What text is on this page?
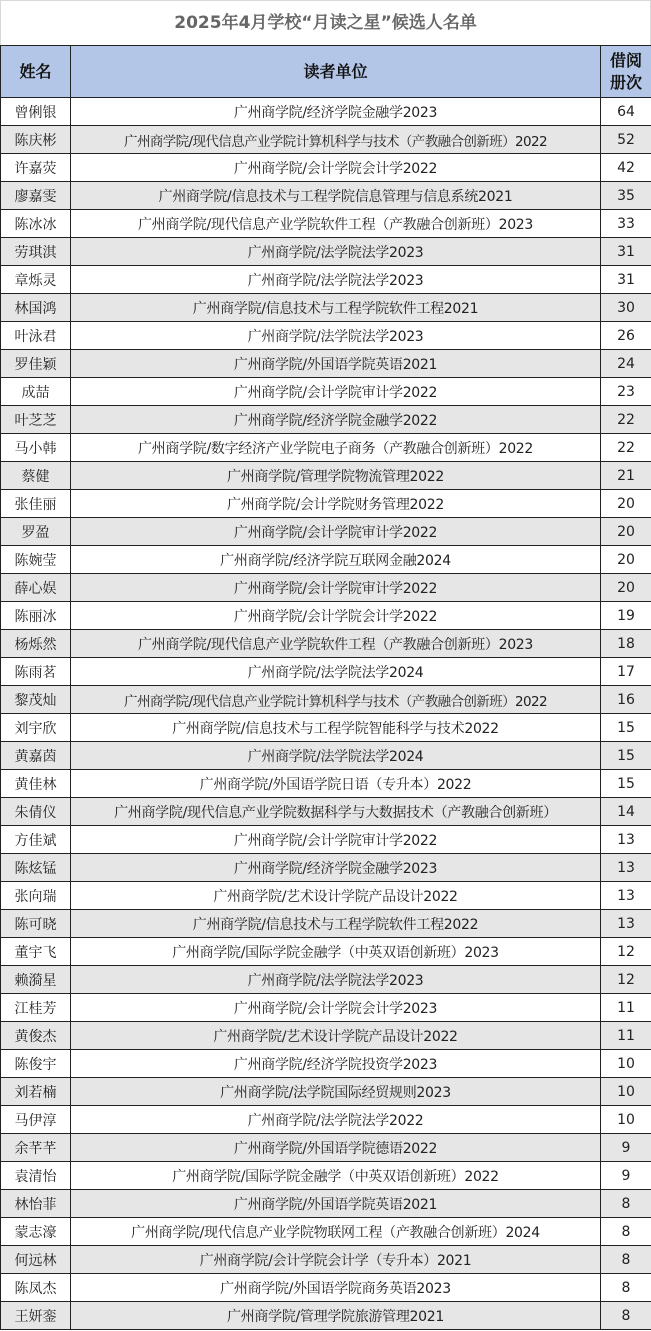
2025年4月学校“月读之星”候选人名单
姓名	读者单位	借阅
册次

曾俐银	广州商学院/经济学院金融学2023	64
陈庆彬	广州商学院/现代信息产业学院计算机科学与技术（产教融合创新班）2022	52
许嘉荧	广州商学院/会计学院会计学2022	42
廖嘉雯	广州商学院/信息技术与工程学院信息管理与信息系统2021	35
陈冰冰	广州商学院/现代信息产业学院软件工程（产教融合创新班）2023	33
劳琪淇	广州商学院/法学院法学2023	31
章烁灵	广州商学院/法学院法学2023	31
林国鸿	广州商学院/信息技术与工程学院软件工程2021	30
叶泳君	广州商学院/法学院法学2023	26
罗佳颖	广州商学院/外国语学院英语2021	24
成喆	广州商学院/会计学院审计学2022	23
叶芝芝	广州商学院/经济学院金融学2022	22
马小韩	广州商学院/数字经济产业学院电子商务（产教融合创新班）2022	22
蔡健	广州商学院/管理学院物流管理2022	21
张佳丽	广州商学院/会计学院财务管理2022	20
罗盈	广州商学院/会计学院审计学2022	20
陈婉莹	广州商学院/经济学院互联网金融2024	20
薛心娱	广州商学院/会计学院审计学2022	20
陈丽冰	广州商学院/会计学院会计学2022	19
杨烁然	广州商学院/现代信息产业学院软件工程（产教融合创新班）2023	18
陈雨茗	广州商学院/法学院法学2024	17
黎茂灿	广州商学院/现代信息产业学院计算机科学与技术（产教融合创新班）2022	16
刘宇欣	广州商学院/信息技术与工程学院智能科学与技术2022	15
黄嘉茵	广州商学院/法学院法学2024	15
黄佳林	广州商学院/外国语学院日语（专升本）2022	15
朱倩仪	广州商学院/现代信息产业学院数据科学与大数据技术（产教融合创新班）	14
方佳斌	广州商学院/会计学院审计学2022	13
陈炫锰	广州商学院/经济学院金融学2023	13
张向瑞	广州商学院/艺术设计学院产品设计2022	13
陈可晓	广州商学院/信息技术与工程学院软件工程2022	13
董宇飞	广州商学院/国际学院金融学（中英双语创新班）2023	12
赖漪星	广州商学院/法学院法学2023	12
江桂芳	广州商学院/会计学院会计学2023	11
黄俊杰	广州商学院/艺术设计学院产品设计2022	11
陈俊宇	广州商学院/经济学院投资学2023	10
刘若楠	广州商学院/法学院国际经贸规则2023	10
马伊淳	广州商学院/法学院法学2022	10
余芊芊	广州商学院/外国语学院德语2022	9
袁清怡	广州商学院/国际学院金融学（中英双语创新班）2022	9
林怡菲	广州商学院/外国语学院英语2021	8
蒙志濠	广州商学院/现代信息产业学院物联网工程（产教融合创新班）2024	8
何远林	广州商学院/会计学院会计学（专升本）2021	8
陈凤杰	广州商学院/外国语学院商务英语2023	8
王妍銮	广州商学院/管理学院旅游管理2021	8
